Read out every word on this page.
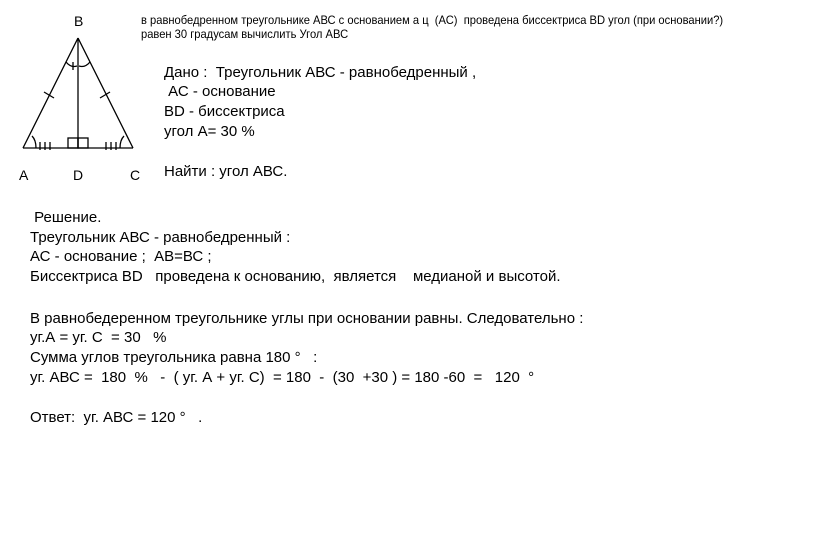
в равнобедренном треугольнике АВС с основанием а ц  (АС)  проведена биссектриса BD угол (при основании?)
равен 30 градусам вычислить Угол АВС
B
A	D	C
Дано :  Треугольник АВС - равнобедренный ,
АС - основание
BD - биссектриса
угол А= 30 %
Найти : угол АВС.
Решение.
Треугольник АВС - равнобедренный :
АС - основание ;  АВ=ВС ;
Биссектриса BD   проведена к основанию,  является    медианой и высотой.
В равнобедеренном треугольнике углы при основании равны. Следовательно :
уг.А = уг. С  = 30   %
Сумма углов треугольника равна 180 °   :
уг. АВС =  180  %   -  ( уг. А + уг. С)  = 180  -  (30  +30 ) = 180 -60  =   120  °
Ответ:  уг. АВС = 120 °   .
